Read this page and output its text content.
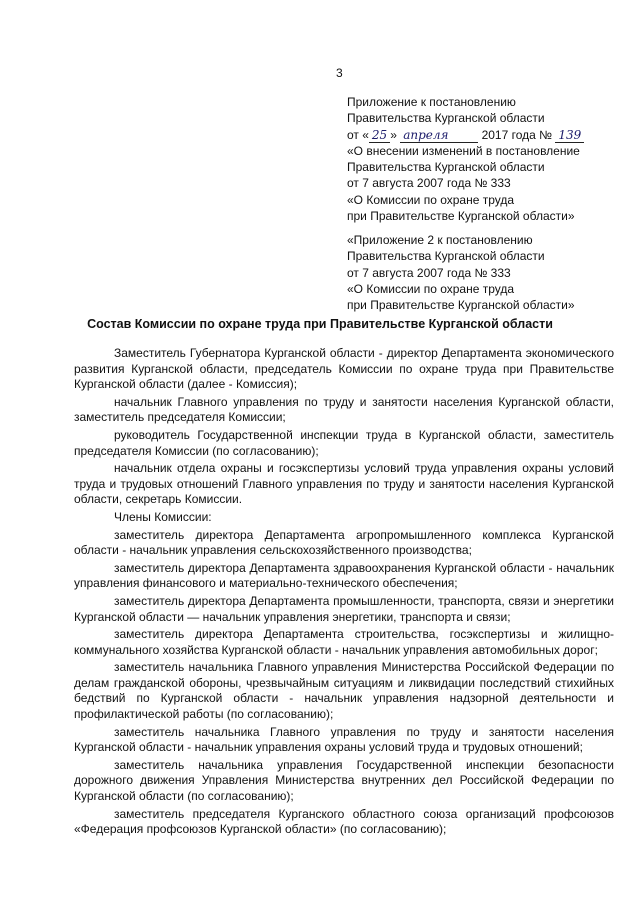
3
Приложение к постановлению
Правительства Курганской области
от « 25 » апреля	2017 года № 139
«О внесении изменений в постановление
Правительства Курганской области
от 7 августа 2007 года № 333
«О Комиссии по охране труда
при Правительстве Курганской области»
«Приложение 2 к постановлению
Правительства Курганской области
от 7 августа 2007 года № 333
«О Комиссии по охране труда
при Правительстве Курганской области»
Состав Комиссии по охране труда при Правительстве Курганской области

Заместитель Губернатора Курганской области - директор Департамента экономического развития Курганской области, председатель Комиссии по охране труда при Правительстве Курганской области (далее - Комиссия);

начальник Главного управления по труду и занятости населения Курганской области, заместитель председателя Комиссии;

руководитель Государственной инспекции труда в Курганской области, заместитель председателя Комиссии (по согласованию);

начальник отдела охраны и госэкспертизы условий труда управления охраны условий труда и трудовых отношений Главного управления по труду и занятости населения Курганской области, секретарь Комиссии.

Члены Комиссии:

заместитель директора Департамента агропромышленного комплекса Курганской области - начальник управления сельскохозяйственного производства;

заместитель директора Департамента здравоохранения Курганской области - начальник управления финансового и материально-технического обеспечения;

заместитель директора Департамента промышленности, транспорта, связи и энергетики Курганской области — начальник управления энергетики, транспорта и связи;

заместитель директора Департамента строительства, госэкспертизы и жилищно-коммунального хозяйства Курганской области - начальник управления автомобильных дорог;

заместитель начальника Главного управления Министерства Российской Федерации по делам гражданской обороны, чрезвычайным ситуациям и ликвидации последствий стихийных бедствий по Курганской области - начальник управления надзорной деятельности и профилактической работы (по согласованию);

заместитель начальника Главного управления по труду и занятости населения Курганской области - начальник управления охраны условий труда и трудовых отношений;

заместитель начальника управления Государственной инспекции безопасности дорожного движения Управления Министерства внутренних дел Российской Федерации по Курганской области (по согласованию);

заместитель председателя Курганского областного союза организаций профсоюзов «Федерация профсоюзов Курганской области» (по согласованию);
